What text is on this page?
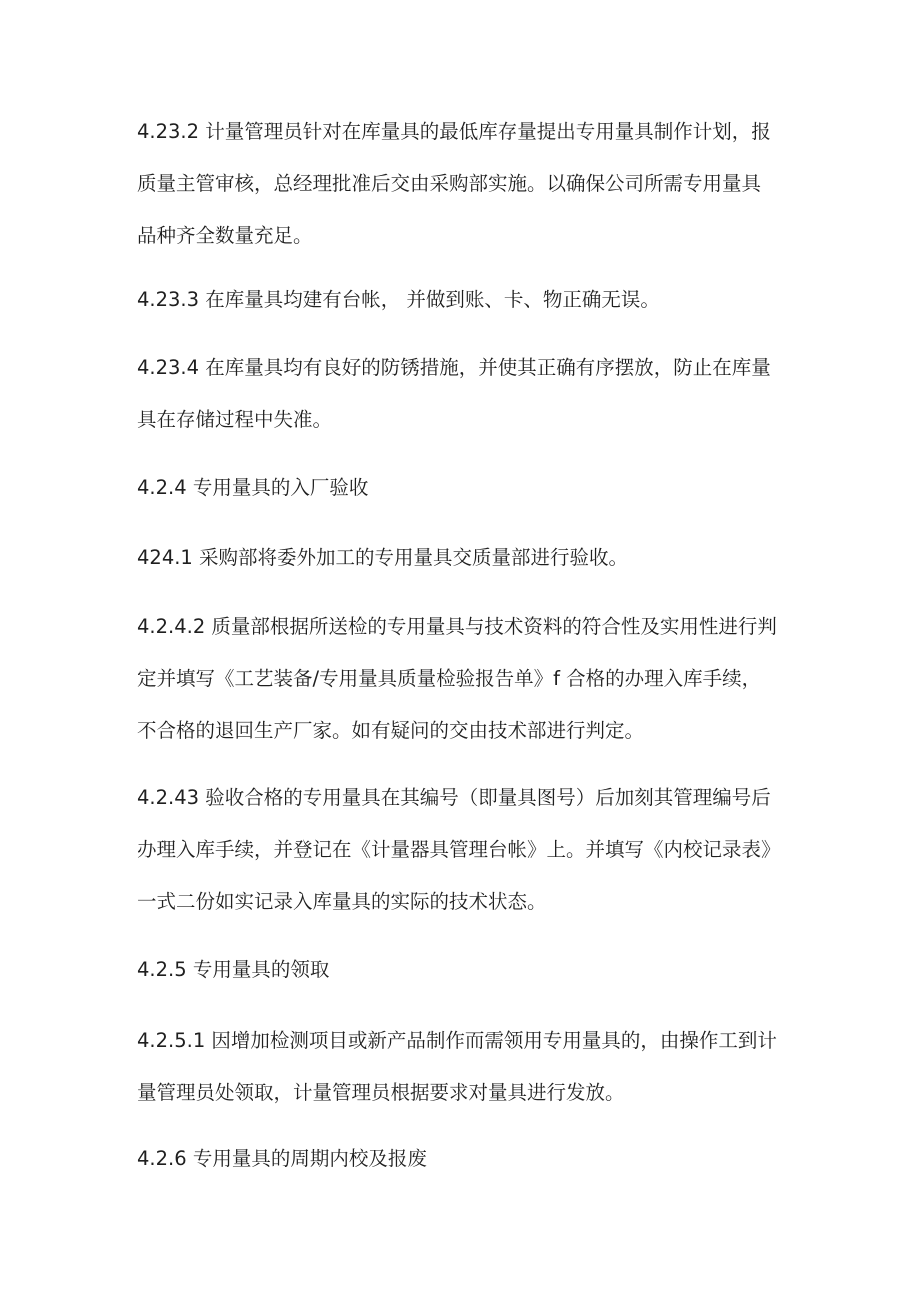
4.23.2 计量管理员针对在库量具的最低库存量提出专用量具制作计划，报
质量主管审核，总经理批准后交由采购部实施。以确保公司所需专用量具
品种齐全数量充足。

4.23.3 在库量具均建有台帐， 并做到账、卡、物正确无误。

4.23.4 在库量具均有良好的防锈措施，并使其正确有序摆放，防止在库量
具在存储过程中失准。

4.2.4 专用量具的入厂验收

424.1 采购部将委外加工的专用量具交质量部进行验收。

4.2.4.2 质量部根据所送检的专用量具与技术资料的符合性及实用性进行判
定并填写《工艺装备/专用量具质量检验报告单》f 合格的办理入库手续，
不合格的退回生产厂家。如有疑问的交由技术部进行判定。

4.2.43 验收合格的专用量具在其编号（即量具图号）后加刻其管理编号后
办理入库手续，并登记在《计量器具管理台帐》上。并填写《内校记录表》
一式二份如实记录入库量具的实际的技术状态。

4.2.5 专用量具的领取

4.2.5.1 因增加检测项目或新产品制作而需领用专用量具的，由操作工到计
量管理员处领取，计量管理员根据要求对量具进行发放。

4.2.6 专用量具的周期内校及报废
